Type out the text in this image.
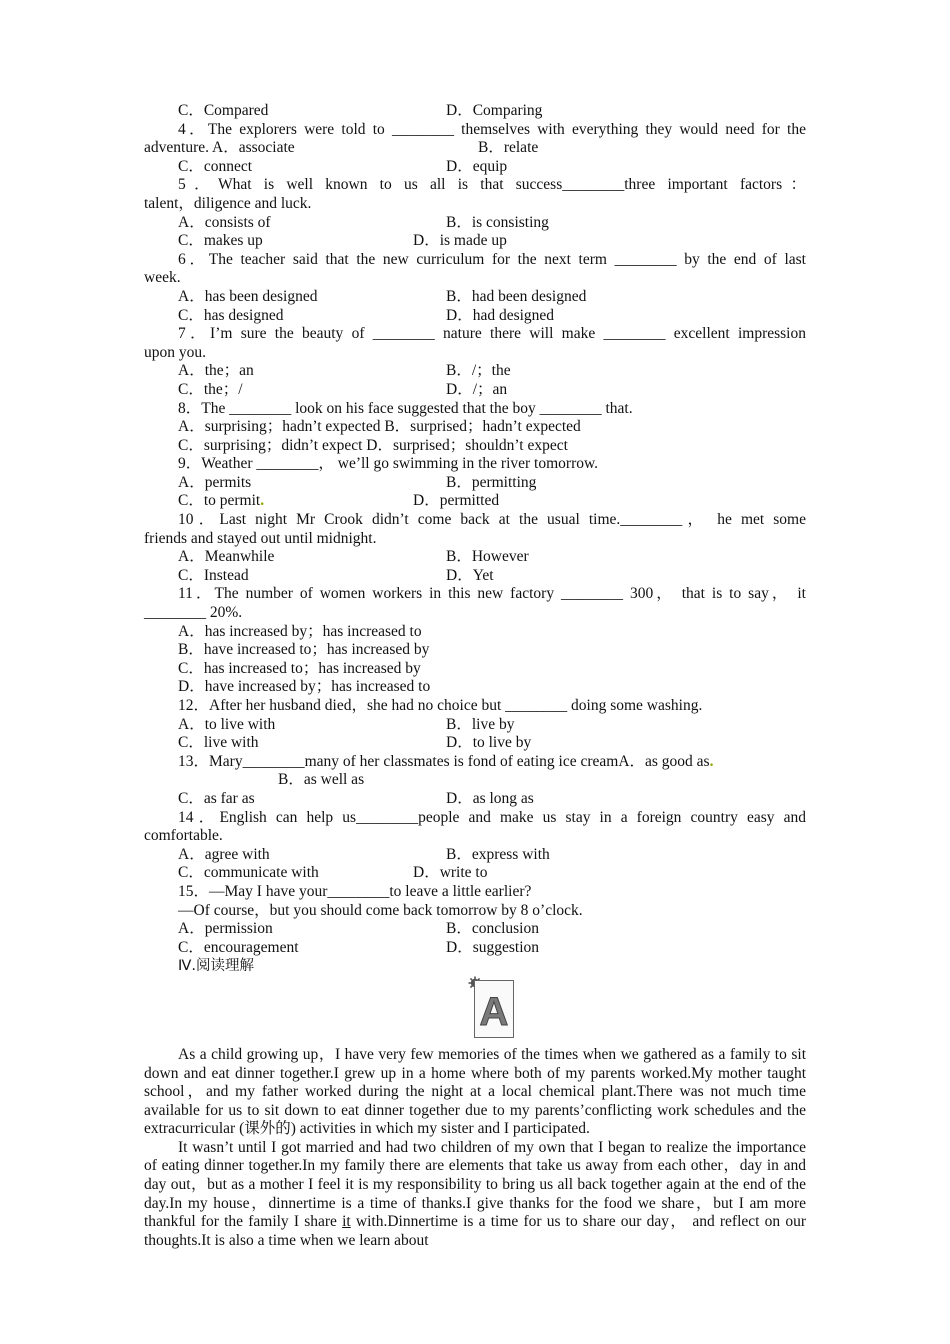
C．Compared	D．Comparing
4．The explorers were told to ________ themselves with everything they would need for the
adventure. A．associate	B．relate
C．connect	D．equip
5．What is well known to us all is that success________three important factors：
talent，diligence and luck.
A．consists of	B．is consisting
C．makes up	D．is made up
6．The teacher said that the new curriculum for the next term ________ by the end of last
week.
A．has been designed	B．had been designed
C．has designed	D．had designed
7．I’m sure the beauty of ________ nature there will make ________ excellent impression
upon you.
A．the；an	B．/；the
C．the；/	D．/；an
8．The ________ look on his face suggested that the boy ________ that.
A．surprising；hadn’t expected B．surprised；hadn’t expected
C．surprising；didn’t expect D．surprised；shouldn’t expect
9．Weather ________， we’ll go swimming in the river tomorrow.
A．permits	B．permitting
C．to permit.	D．permitted
10．Last night Mr Crook didn’t come back at the usual time.________， he met some
friends and stayed out until midnight.
A．Meanwhile	B．However
C．Instead	D．Yet
11．The number of women workers in this new factory ________ 300， that is to say， it
________ 20%.
A．has increased by；has increased to
B．have increased to；has increased by
C．has increased to；has increased by
D．have increased by；has increased to
12．After her husband died，she had no choice but ________ doing some washing.
A．to live with	B．live by
C．live with	D．to live by
13．Mary________many of her classmates is fond of eating ice creamA．as good as.
B．as well as
C．as far as	D．as long as
14．English can help us________people and make us stay in a foreign country easy and
comfortable.
A．agree with	B．express with
C．communicate with	D．write to
15．—May I have your________to leave a little earlier?
—Of course，but you should come back tomorrow by 8 o’clock.
A．permission	B．conclusion
C．encouragement	D．suggestion
Ⅳ.阅读理解
A

As a child growing up，I have very few memories of the times when we gathered as a family to sit down and eat dinner together.I grew up in a home where both of my parents worked.My mother taught school，and my father worked during the night at a local chemical plant.There was not much time available for us to sit down to eat dinner together due to my parents’conflicting work schedules and the extracurricular (课外的) activities in which my sister and I participated.

It wasn’t until I got married and had two children of my own that I began to realize the importance of eating dinner together.In my family there are elements that take us away from each other，day in and day out，but as a mother I feel it is my responsibility to bring us all back together again at the end of the day.In my house，dinnertime is a time of thanks.I give thanks for the food we share，but I am more thankful for the family I share it with.Dinnertime is a time for us to share our day， and reflect on our thoughts.It is also a time when we learn about
